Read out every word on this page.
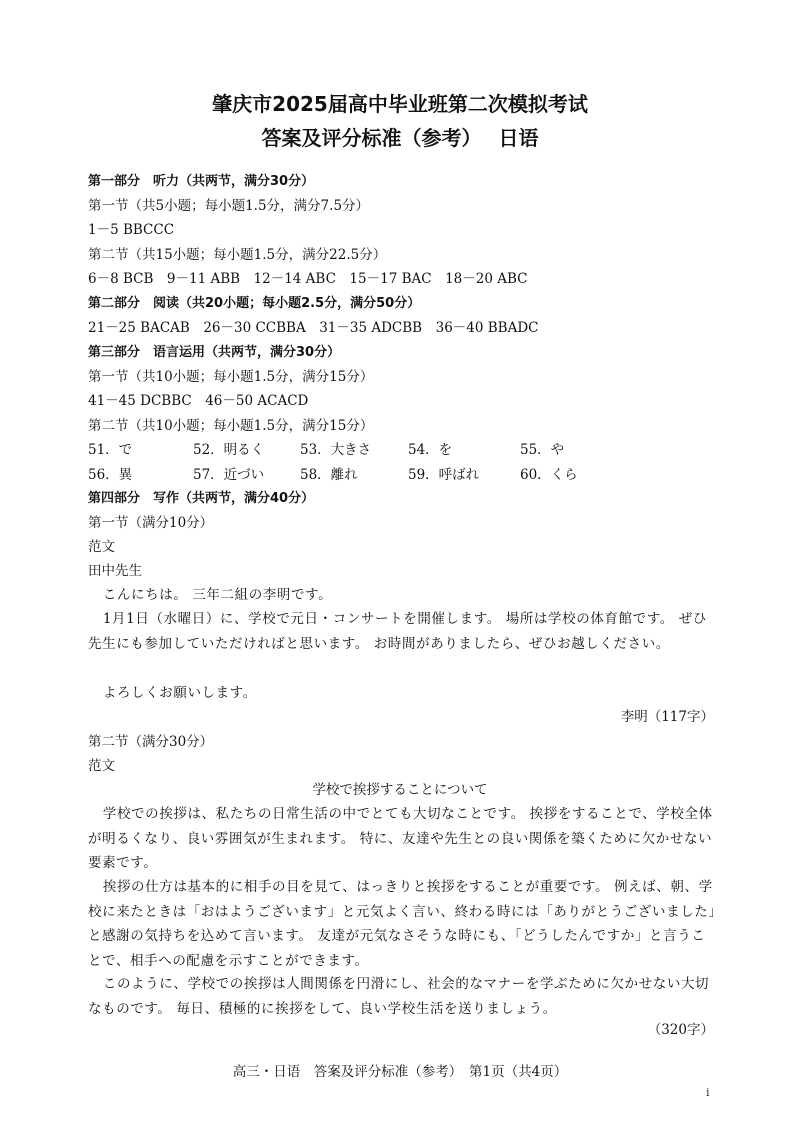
肇庆市2025届高中毕业班第二次模拟考试
答案及评分标准（参考）　 日语
第一部分　听力（共两节，满分30分）
第一节（共5小题；每小题1.5分，满分7.5分）
1－5 BBCCC
第二节（共15小题；每小题1.5分，满分22.5分）
6－8 BCB　9－11 ABB　12－14 ABC　15－17 BAC　18－20 ABC
第二部分　阅读（共20小题；每小题2.5分，满分50分）
21－25 BACAB　26－30 CCBBA　31－35 ADCBB　36－40 BBADC
第三部分　语言运用（共两节，满分30分）
第一节（共10小题；每小题1.5分，满分15分）
41－45 DCBBC　46－50 ACACD
第二节（共10小题；每小题1.5分，满分15分）
51．で	52．明るく	53．大きさ	54．を	55．や
56．異	57．近づい	58．離れ	59．呼ばれ	60．くら
第四部分　写作（共两节，满分40分）
第一节（满分10分）
范文
田中先生
こんにちは。 三年二組の李明です。
1月1日（水曜日）に、学校で元日・コンサートを開催します。 場所は学校の体育館です。 ぜひ先生にも参加していただければと思います。 お時間がありましたら、ぜひお越しください。
よろしくお願いします。
李明（117字）
第二节（满分30分）
范文
学校で挨拶することについて
学校での挨拶は、私たちの日常生活の中でとても大切なことです。 挨拶をすることで、学校全体が明るくなり、良い雰囲気が生まれます。 特に、友達や先生との良い関係を築くために欠かせない要素です。
挨拶の仕方は基本的に相手の目を見て、はっきりと挨拶をすることが重要です。 例えば、朝、学校に来たときは「おはようございます」と元気よく言い、終わる時には「ありがとうございました」と感謝の気持ちを込めて言います。 友達が元気なさそうな時にも、「どうしたんですか」と言うことで、相手への配慮を示すことができます。
このように、学校での挨拶は人間関係を円滑にし、社会的なマナーを学ぶために欠かせない大切なものです。 毎日、積極的に挨拶をして、良い学校生活を送りましょう。
（320字）
高三・日语　答案及评分标准（参考）　第1页（共4页）
i
